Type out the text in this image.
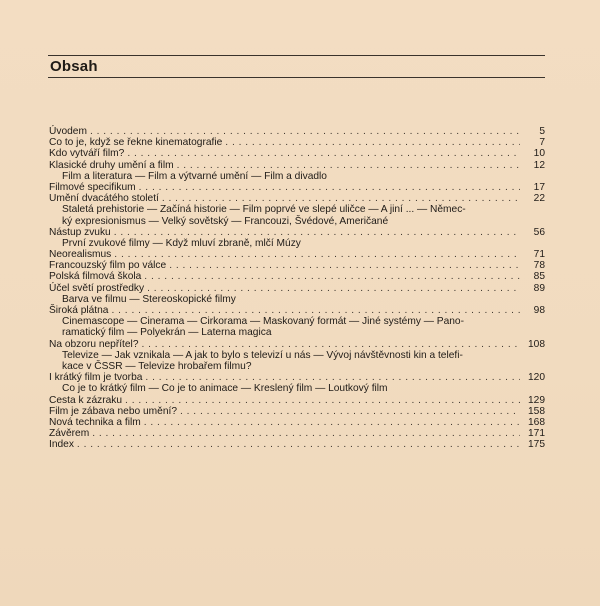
Obsah
Úvodem . . .	5
Co to je, když se řekne kinematografie . . .	7
Kdo vytváří film? . . .	10
Klasické druhy umění a film . . .	12
Film a literatura — Film a výtvarné umění — Film a divadlo
Filmové specifikum . . .	17
Umění dvacátého století . . .	22
Staletá prehistorie — Začíná historie — Film poprvé ve slepé uličce — A jiní ... — Němec-
ký expresionismus — Velký sovětský — Francouzi, Švédové, Američané
Nástup zvuku . . .	56
První zvukové filmy — Když mluví zbraně, mlčí Múzy
Neorealismus . . .	71
Francouzský film po válce . . .	78
Polská filmová škola . . .	85
Účel světí prostředky . . .	89
Barva ve filmu — Stereoskopické filmy
Široká plátna . . .	98
Cinemascope — Cinerama — Cirkorama — Maskovaný formát — Jiné systémy — Pano-
ramatický film — Polyekrán — Laterna magica
Na obzoru nepřítel? . . .	108
Televize — Jak vznikala — A jak to bylo s televizí u nás — Vývoj návštěvnosti kin a telefi-
kace v ČSSR — Televize hrobařem filmu?
I krátký film je tvorba . . .	120
Co je to krátký film — Co je to animace — Kreslený film — Loutkový film
Cesta k zázraku . . .	129
Film je zábava nebo umění? . . .	158
Nová technika a film . . .	168
Závěrem . . .	171
Index . . .	175
